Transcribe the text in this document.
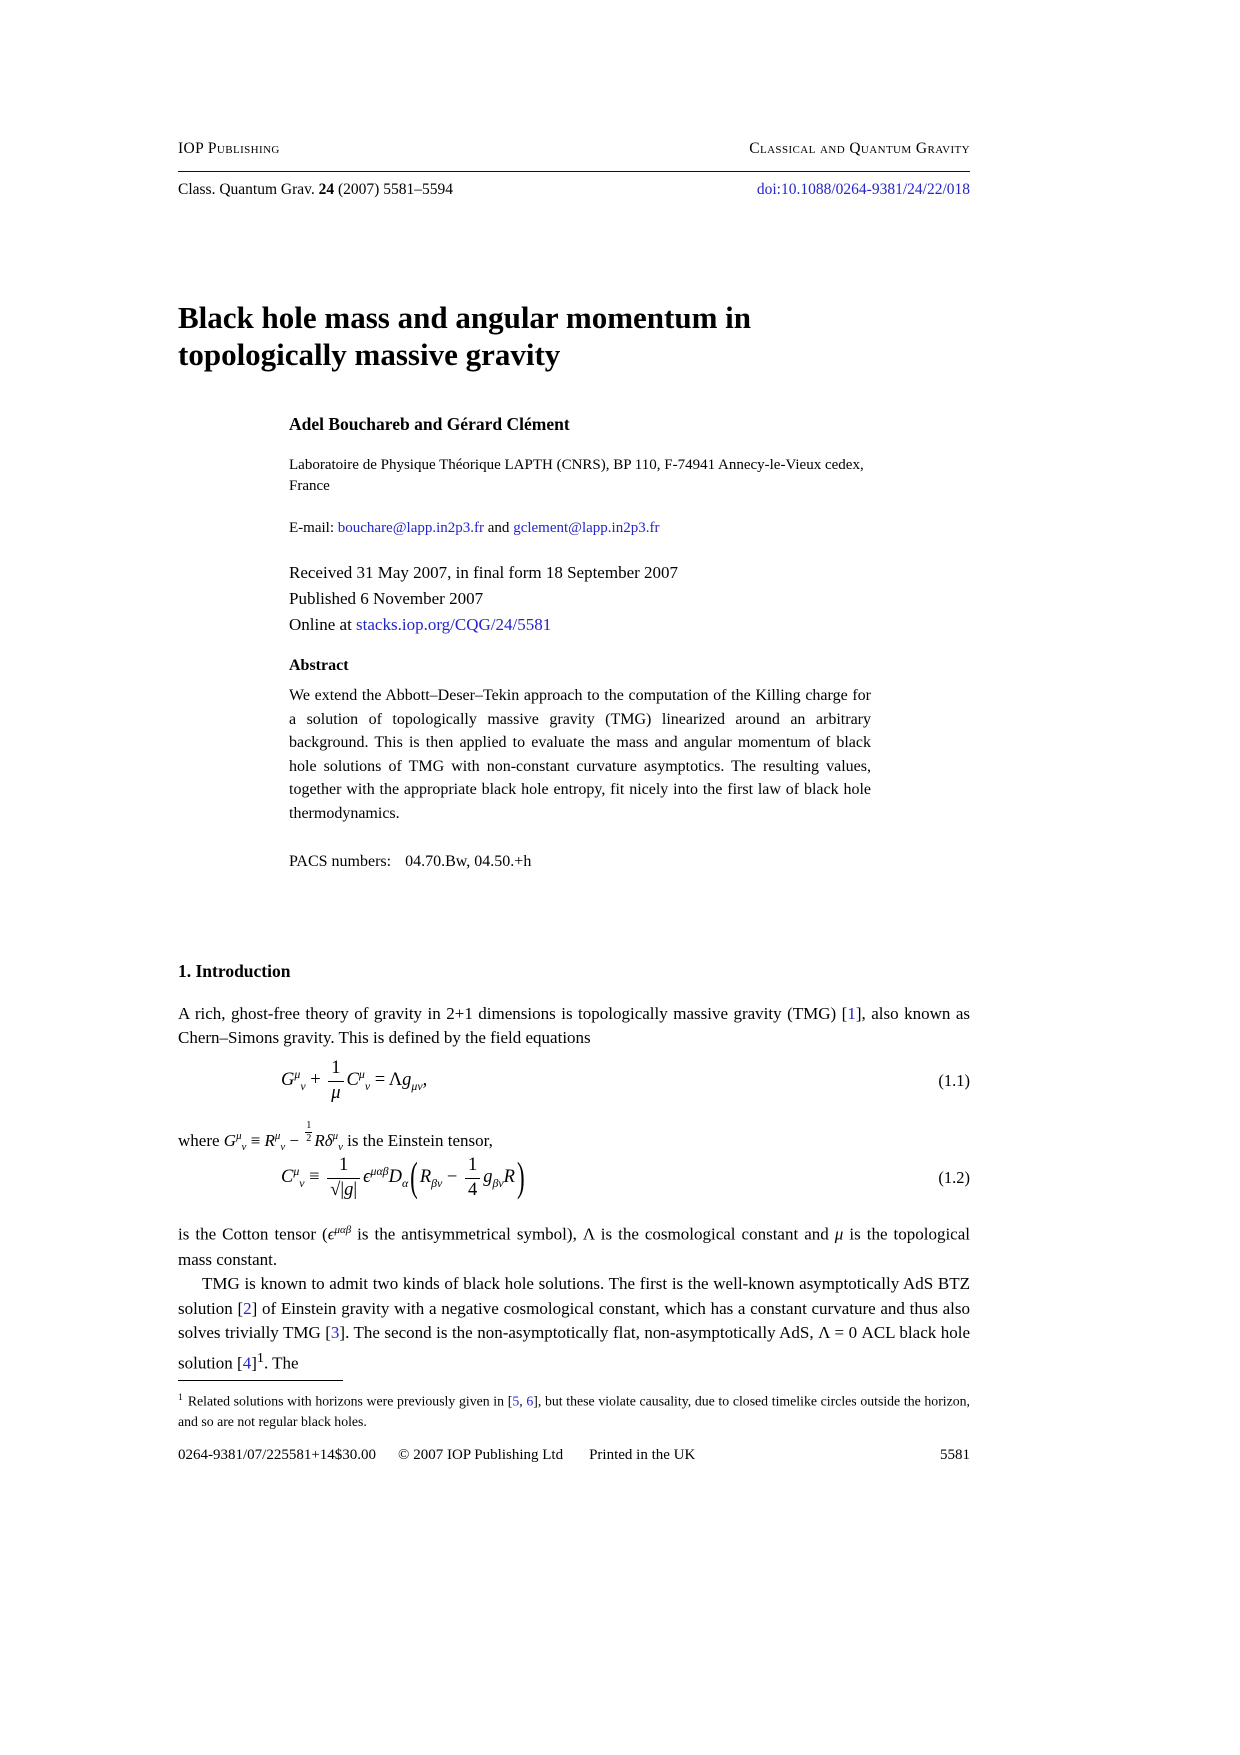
IOP Publishing	Classical and Quantum Gravity
Class. Quantum Grav. 24 (2007) 5581–5594	doi:10.1088/0264-9381/24/22/018
Black hole mass and angular momentum in topologically massive gravity
Adel Bouchareb and Gérard Clément
Laboratoire de Physique Théorique LAPTH (CNRS), BP 110, F-74941 Annecy-le-Vieux cedex, France
E-mail: bouchare@lapp.in2p3.fr and gclement@lapp.in2p3.fr
Received 31 May 2007, in final form 18 September 2007
Published 6 November 2007
Online at stacks.iop.org/CQG/24/5581
Abstract
We extend the Abbott–Deser–Tekin approach to the computation of the Killing charge for a solution of topologically massive gravity (TMG) linearized around an arbitrary background. This is then applied to evaluate the mass and angular momentum of black hole solutions of TMG with non-constant curvature asymptotics. The resulting values, together with the appropriate black hole entropy, fit nicely into the first law of black hole thermodynamics.
PACS numbers: 04.70.Bw, 04.50.+h
1. Introduction
A rich, ghost-free theory of gravity in 2+1 dimensions is topologically massive gravity (TMG) [1], also known as Chern–Simons gravity. This is defined by the field equations
$G^\mu_\nu + \frac{1}{\mu} C^\mu_\nu = \Lambda g_{\mu\nu}$,	(1.1)
where $G^\mu_\nu \equiv R^\mu_\nu - \frac{1}{2} R\delta^\mu_\nu$ is the Einstein tensor,
$C^\mu_\nu \equiv \frac{1}{√|g|} \epsilon^{\mu\alpha\beta}D_\alpha$( $R_{\beta\nu} - \frac{1}{4} g_{\beta\nu}R$)	(1.2)
is the Cotton tensor ($\epsilon^{\mu\alpha\beta}$ is the antisymmetrical symbol), Λ is the cosmological constant and μ is the topological mass constant.
TMG is known to admit two kinds of black hole solutions. The first is the well-known asymptotically AdS BTZ solution [2] of Einstein gravity with a negative cosmological constant, which has a constant curvature and thus also solves trivially TMG [3]. The second is the non-asymptotically flat, non-asymptotically AdS, Λ = 0 ACL black hole solution $[4]^1$. The
$^1$ Related solutions with horizons were previously given in [5, 6], but these violate causality, due to closed timelike circles outside the horizon, and so are not regular black holes.
0264-9381/07/225581+14$30.00 © 2007 IOP Publishing Ltd Printed in the UK	5581
